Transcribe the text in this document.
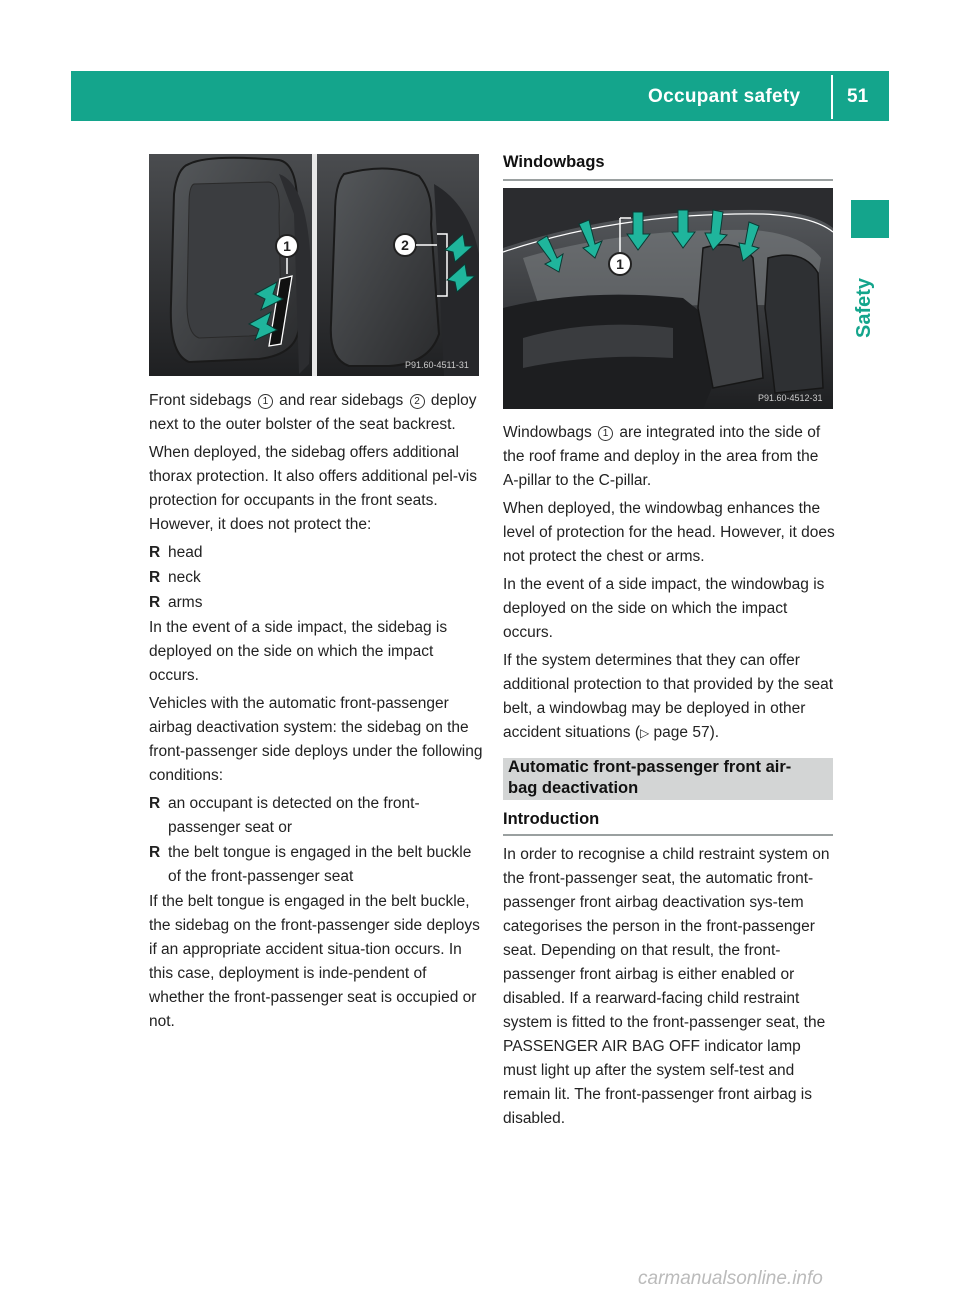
Occupant safety 51
Safety
1	2
P91.60-4511-31

Front sidebags 1 and rear sidebags 2 deploy next to the outer bolster of the seat backrest.

When deployed, the sidebag offers additional thorax protection. It also offers additional pel-vis protection for occupants in the front seats. However, it does not protect the:

R head
R neck
R arms

In the event of a side impact, the sidebag is deployed on the side on which the impact occurs.

Vehicles with the automatic front-passenger airbag deactivation system: the sidebag on the front-passenger side deploys under the following conditions:

R an occupant is detected on the front-passenger seat or
R the belt tongue is engaged in the belt buckle of the front-passenger seat

If the belt tongue is engaged in the belt buckle, the sidebag on the front-passenger side deploys if an appropriate accident situa-tion occurs. In this case, deployment is inde-pendent of whether the front-passenger seat is occupied or not.

Windowbags
1
P91.60-4512-31

Windowbags 1 are integrated into the side of the roof frame and deploy in the area from the A-pillar to the C-pillar.

When deployed, the windowbag enhances the level of protection for the head. However, it does not protect the chest or arms.

In the event of a side impact, the windowbag is deployed on the side on which the impact occurs.

If the system determines that they can offer additional protection to that provided by the seat belt, a windowbag may be deployed in other accident situations (▷ page 57).

Automatic front-passenger front air-
bag deactivation
Introduction

In order to recognise a child restraint system on the front-passenger seat, the automatic front-passenger front airbag deactivation sys-tem categorises the person in the front-passenger seat. Depending on that result, the front-passenger front airbag is either enabled or disabled. If a rearward-facing child restraint system is fitted to the front-passenger seat, the PASSENGER AIR BAG OFF indicator lamp must light up after the system self-test and remain lit. The front-passenger front airbag is disabled.

carmanualsonline.info
